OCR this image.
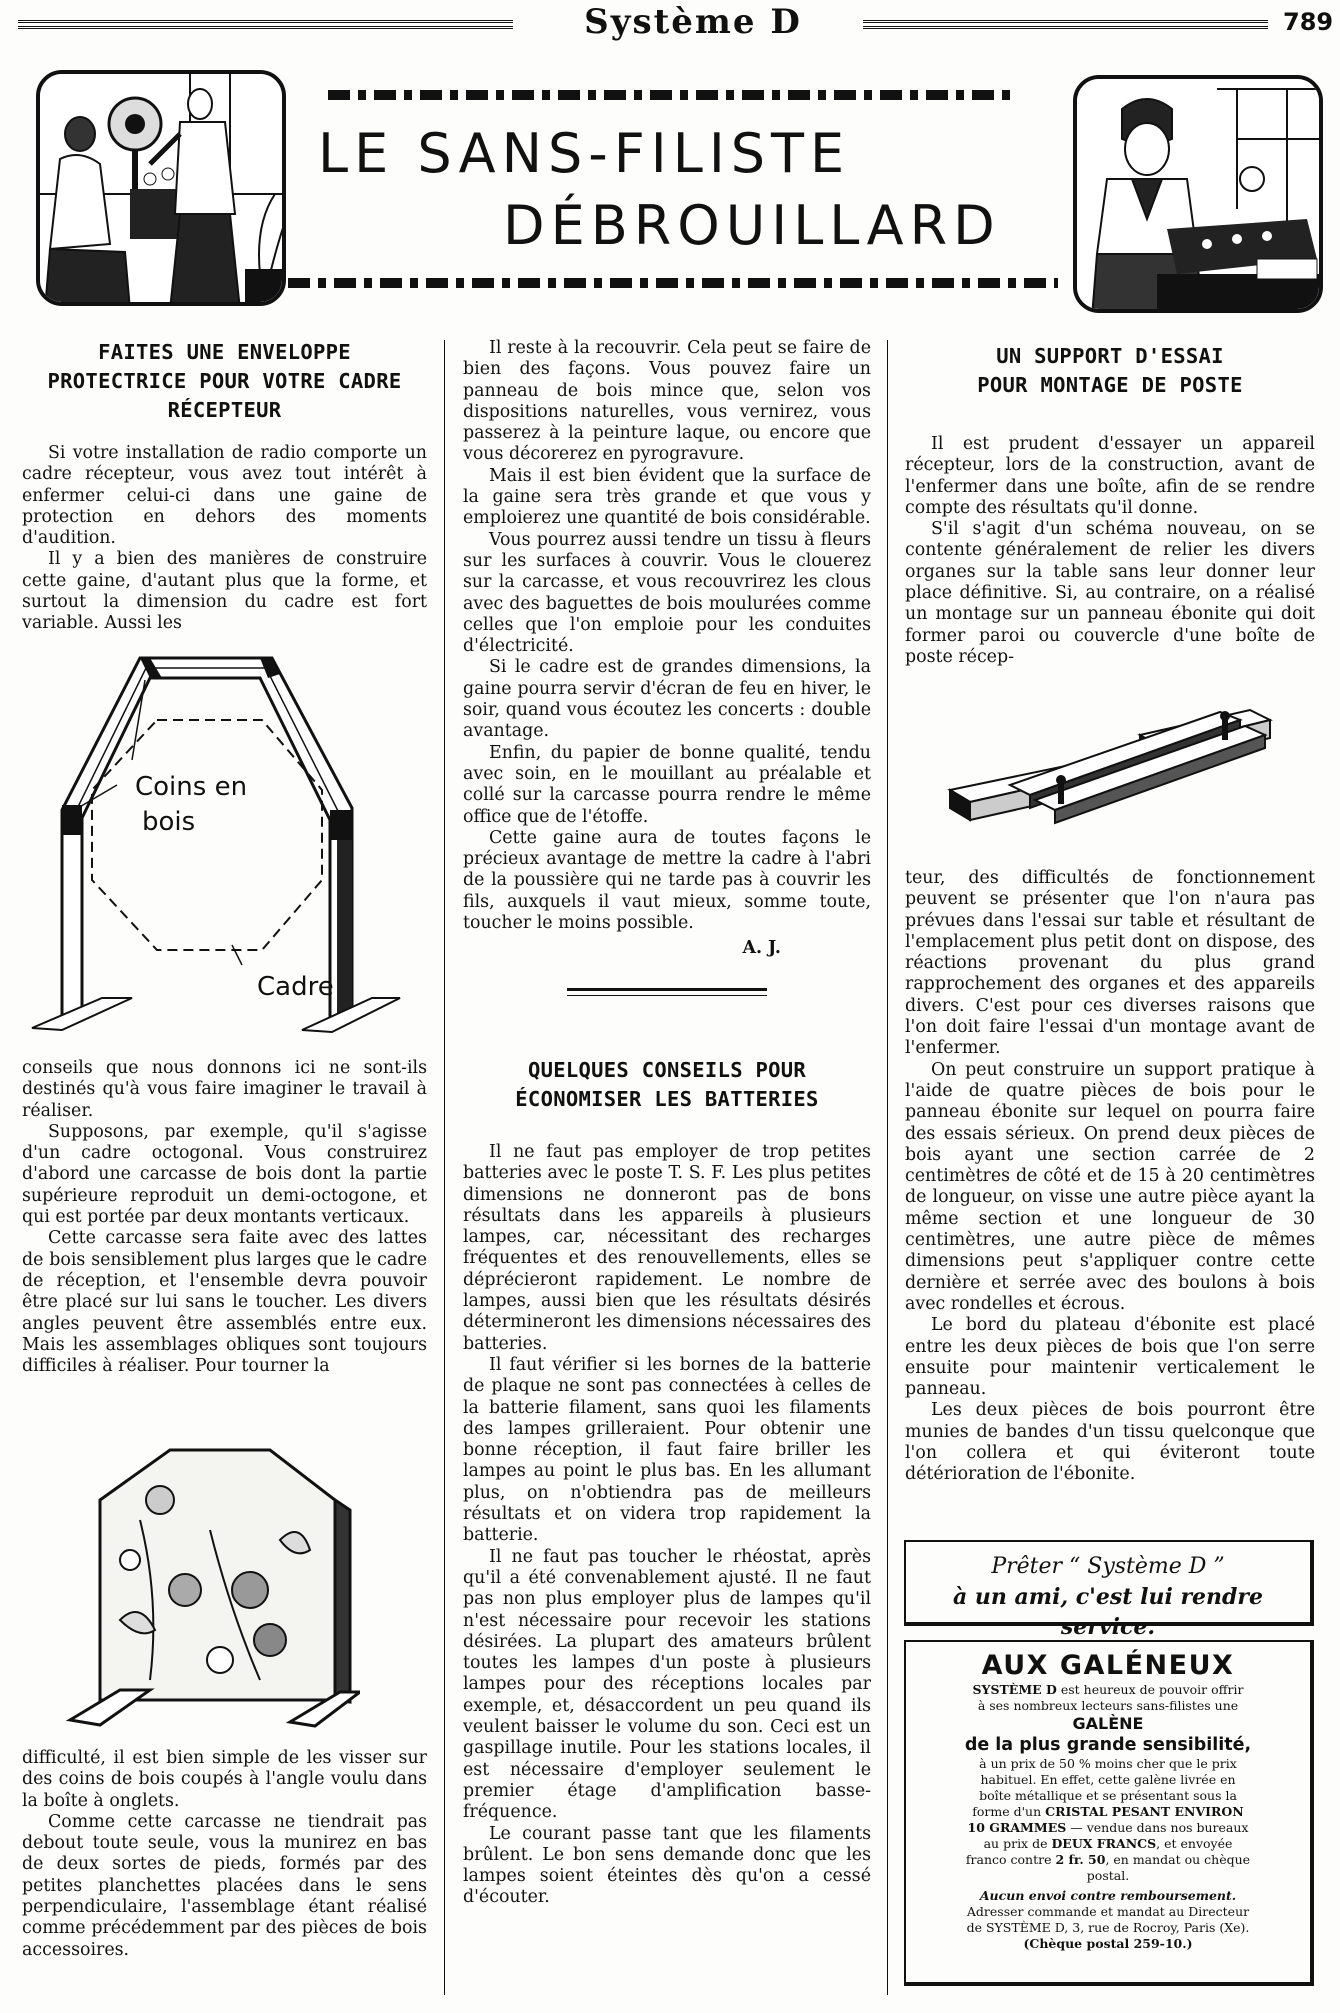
Système D	789
LE SANS-FILISTE
DÉBROUILLARD
FAITES UNE ENVELOPPE PROTECTRICE POUR VOTRE CADRE RÉCEPTEUR

Si votre installation de radio comporte un cadre récepteur, vous avez tout intérêt à enfermer celui-ci dans une gaine de protection en dehors des moments d'audition.

Il y a bien des manières de construire cette gaine, d'autant plus que la forme, et surtout la dimension du cadre est fort variable. Aussi les

Coins en
bois
Cadre

conseils que nous donnons ici ne sont-ils destinés qu'à vous faire imaginer le travail à réaliser.

Supposons, par exemple, qu'il s'agisse d'un cadre octogonal. Vous construirez d'abord une carcasse de bois dont la partie supérieure reproduit un demi-octogone, et qui est portée par deux montants verticaux.

Cette carcasse sera faite avec des lattes de bois sensiblement plus larges que le cadre de réception, et l'ensemble devra pouvoir être placé sur lui sans le toucher. Les divers angles peuvent être assemblés entre eux. Mais les assemblages obliques sont toujours difficiles à réaliser. Pour tourner la

difficulté, il est bien simple de les visser sur des coins de bois coupés à l'angle voulu dans la boîte à onglets.

Comme cette carcasse ne tiendrait pas debout toute seule, vous la munirez en bas de deux sortes de pieds, formés par des petites planchettes placées dans le sens perpendiculaire, l'assemblage étant réalisé comme précédemment par des pièces de bois accessoires.

Il reste à la recouvrir. Cela peut se faire de bien des façons. Vous pouvez faire un panneau de bois mince que, selon vos dispositions naturelles, vous vernirez, vous passerez à la peinture laque, ou encore que vous décorerez en pyrogravure.

Mais il est bien évident que la surface de la gaine sera très grande et que vous y emploierez une quantité de bois considérable.

Vous pourrez aussi tendre un tissu à fleurs sur les surfaces à couvrir. Vous le clouerez sur la carcasse, et vous recouvrirez les clous avec des baguettes de bois moulurées comme celles que l'on emploie pour les conduites d'électricité.

Si le cadre est de grandes dimensions, la gaine pourra servir d'écran de feu en hiver, le soir, quand vous écoutez les concerts : double avantage.

Enfin, du papier de bonne qualité, tendu avec soin, en le mouillant au préalable et collé sur la carcasse pourra rendre le même office que de l'étoffe.

Cette gaine aura de toutes façons le précieux avantage de mettre la cadre à l'abri de la poussière qui ne tarde pas à couvrir les fils, auxquels il vaut mieux, somme toute, toucher le moins possible.

A. J.
QUELQUES CONSEILS POUR
ÉCONOMISER LES BATTERIES

Il ne faut pas employer de trop petites batteries avec le poste T. S. F. Les plus petites dimensions ne donneront pas de bons résultats dans les appareils à plusieurs lampes, car, nécessitant des recharges fréquentes et des renouvellements, elles se déprécieront rapidement. Le nombre de lampes, aussi bien que les résultats désirés détermineront les dimensions nécessaires des batteries.

Il faut vérifier si les bornes de la batterie de plaque ne sont pas connectées à celles de la batterie filament, sans quoi les filaments des lampes grilleraient. Pour obtenir une bonne réception, il faut faire briller les lampes au point le plus bas. En les allumant plus, on n'obtiendra pas de meilleurs résultats et on videra trop rapidement la batterie.

Il ne faut pas toucher le rhéostat, après qu'il a été convenablement ajusté. Il ne faut pas non plus employer plus de lampes qu'il n'est nécessaire pour recevoir les stations désirées. La plupart des amateurs brûlent toutes les lampes d'un poste à plusieurs lampes pour des réceptions locales par exemple, et, désaccordent un peu quand ils veulent baisser le volume du son. Ceci est un gaspillage inutile. Pour les stations locales, il est nécessaire d'employer seulement le premier étage d'amplification basse-fréquence.

Le courant passe tant que les filaments brûlent. Le bon sens demande donc que les lampes soient éteintes dès qu'on a cessé d'écouter.

UN SUPPORT D'ESSAI
POUR MONTAGE DE POSTE

Il est prudent d'essayer un appareil récepteur, lors de la construction, avant de l'enfermer dans une boîte, afin de se rendre compte des résultats qu'il donne.

S'il s'agit d'un schéma nouveau, on se contente généralement de relier les divers organes sur la table sans leur donner leur place définitive. Si, au contraire, on a réalisé un montage sur un panneau ébonite qui doit former paroi ou couvercle d'une boîte de poste récep-

teur, des difficultés de fonctionnement peuvent se présenter que l'on n'aura pas prévues dans l'essai sur table et résultant de l'emplacement plus petit dont on dispose, des réactions provenant du plus grand rapprochement des organes et des appareils divers. C'est pour ces diverses raisons que l'on doit faire l'essai d'un montage avant de l'enfermer.

On peut construire un support pratique à l'aide de quatre pièces de bois pour le panneau ébonite sur lequel on pourra faire des essais sérieux. On prend deux pièces de bois ayant une section carrée de 2 centimètres de côté et de 15 à 20 centimètres de longueur, on visse une autre pièce ayant la même section et une longueur de 30 centimètres, une autre pièce de mêmes dimensions peut s'appliquer contre cette dernière et serrée avec des boulons à bois avec rondelles et écrous.

Le bord du plateau d'ébonite est placé entre les deux pièces de bois que l'on serre ensuite pour maintenir verticalement le panneau.

Les deux pièces de bois pourront être munies de bandes d'un tissu quelconque que l'on collera et qui éviteront toute détérioration de l'ébonite.

Prêter “ Système D ”
à un ami, c'est lui rendre service.
AUX GALÉNEUX
SYSTÈME D est heureux de pouvoir offrir
à ses nombreux lecteurs sans-filistes une
GALÈNE
de la plus grande sensibilité,
à un prix de 50 % moins cher que le prix
habituel. En effet, cette galène livrée en
boîte métallique et se présentant sous la
forme d'un CRISTAL PESANT ENVIRON
10 GRAMMES — vendue dans nos bureaux
au prix de DEUX FRANCS, et envoyée
franco contre 2 fr. 50, en mandat ou chèque
postal.
Aucun envoi contre remboursement.
Adresser commande et mandat au Directeur
de SYSTÈME D, 3, rue de Rocroy, Paris (Xe).
(Chèque postal 259-10.)
